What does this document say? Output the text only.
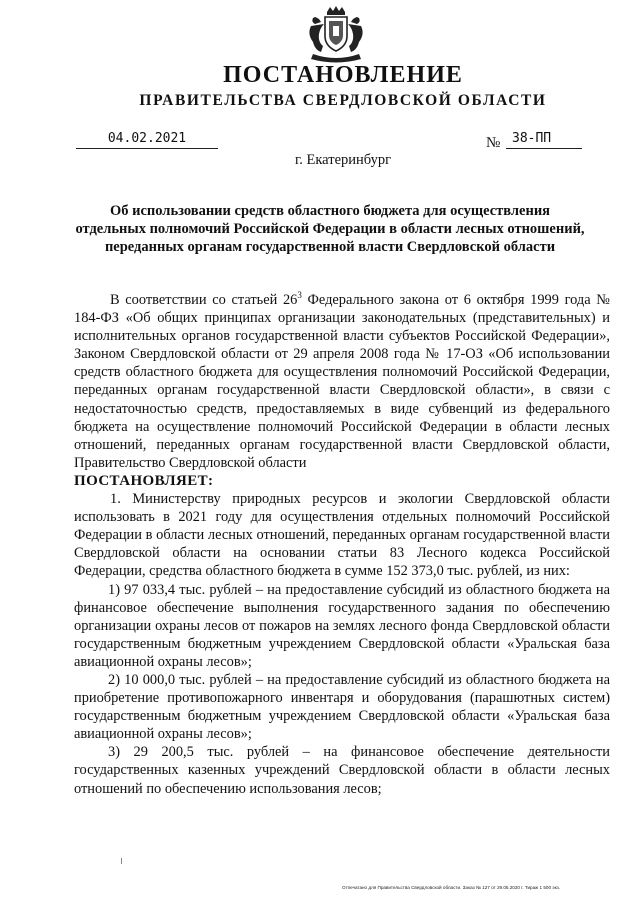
ПОСТАНОВЛЕНИЕ
ПРАВИТЕЛЬСТВА СВЕРДЛОВСКОЙ ОБЛАСТИ
04.02.2021	№ 38-ПП
г. Екатеринбург
Об использовании средств областного бюджета для осуществления отдельных полномочий Российской Федерации в области лесных отношений, переданных органам государственной власти Свердловской области

В соответствии со статьей $26^3$ Федерального закона от 6 октября 1999 года № 184-ФЗ «Об общих принципах организации законодательных (представительных) и исполнительных органов государственной власти субъектов Российской Федерации», Законом Свердловской области от 29 апреля 2008 года № 17-ОЗ «Об использовании средств областного бюджета для осуществления полномочий Российской Федерации, переданных органам государственной власти Свердловской области», в связи с недостаточностью средств, предоставляемых в виде субвенций из федерального бюджета на осуществление полномочий Российской Федерации в области лесных отношений, переданных органам государственной власти Свердловской области, Правительство Свердловской области

ПОСТАНОВЛЯЕТ:

1. Министерству природных ресурсов и экологии Свердловской области использовать в 2021 году для осуществления отдельных полномочий Российской Федерации в области лесных отношений, переданных органам государственной власти Свердловской области на основании статьи 83 Лесного кодекса Российской Федерации, средства областного бюджета в сумме 152 373,0 тыс. рублей, из них:

1) 97 033,4 тыс. рублей – на предоставление субсидий из областного бюджета на финансовое обеспечение выполнения государственного задания по обеспечению организации охраны лесов от пожаров на землях лесного фонда Свердловской области государственным бюджетным учреждением Свердловской области «Уральская база авиационной охраны лесов»;

2) 10 000,0 тыс. рублей – на предоставление субсидий из областного бюджета на приобретение противопожарного инвентаря и оборудования (парашютных систем) государственным бюджетным учреждением Свердловской области «Уральская база авиационной охраны лесов»;

3) 29 200,5 тыс. рублей – на финансовое обеспечение деятельности государственных казенных учреждений Свердловской области в области лесных отношений по обеспечению использования лесов;

Отпечатано для Правительства Свердловской области. Заказ № 127 от 29.05.2020 г. Тираж 1 500 экз.
